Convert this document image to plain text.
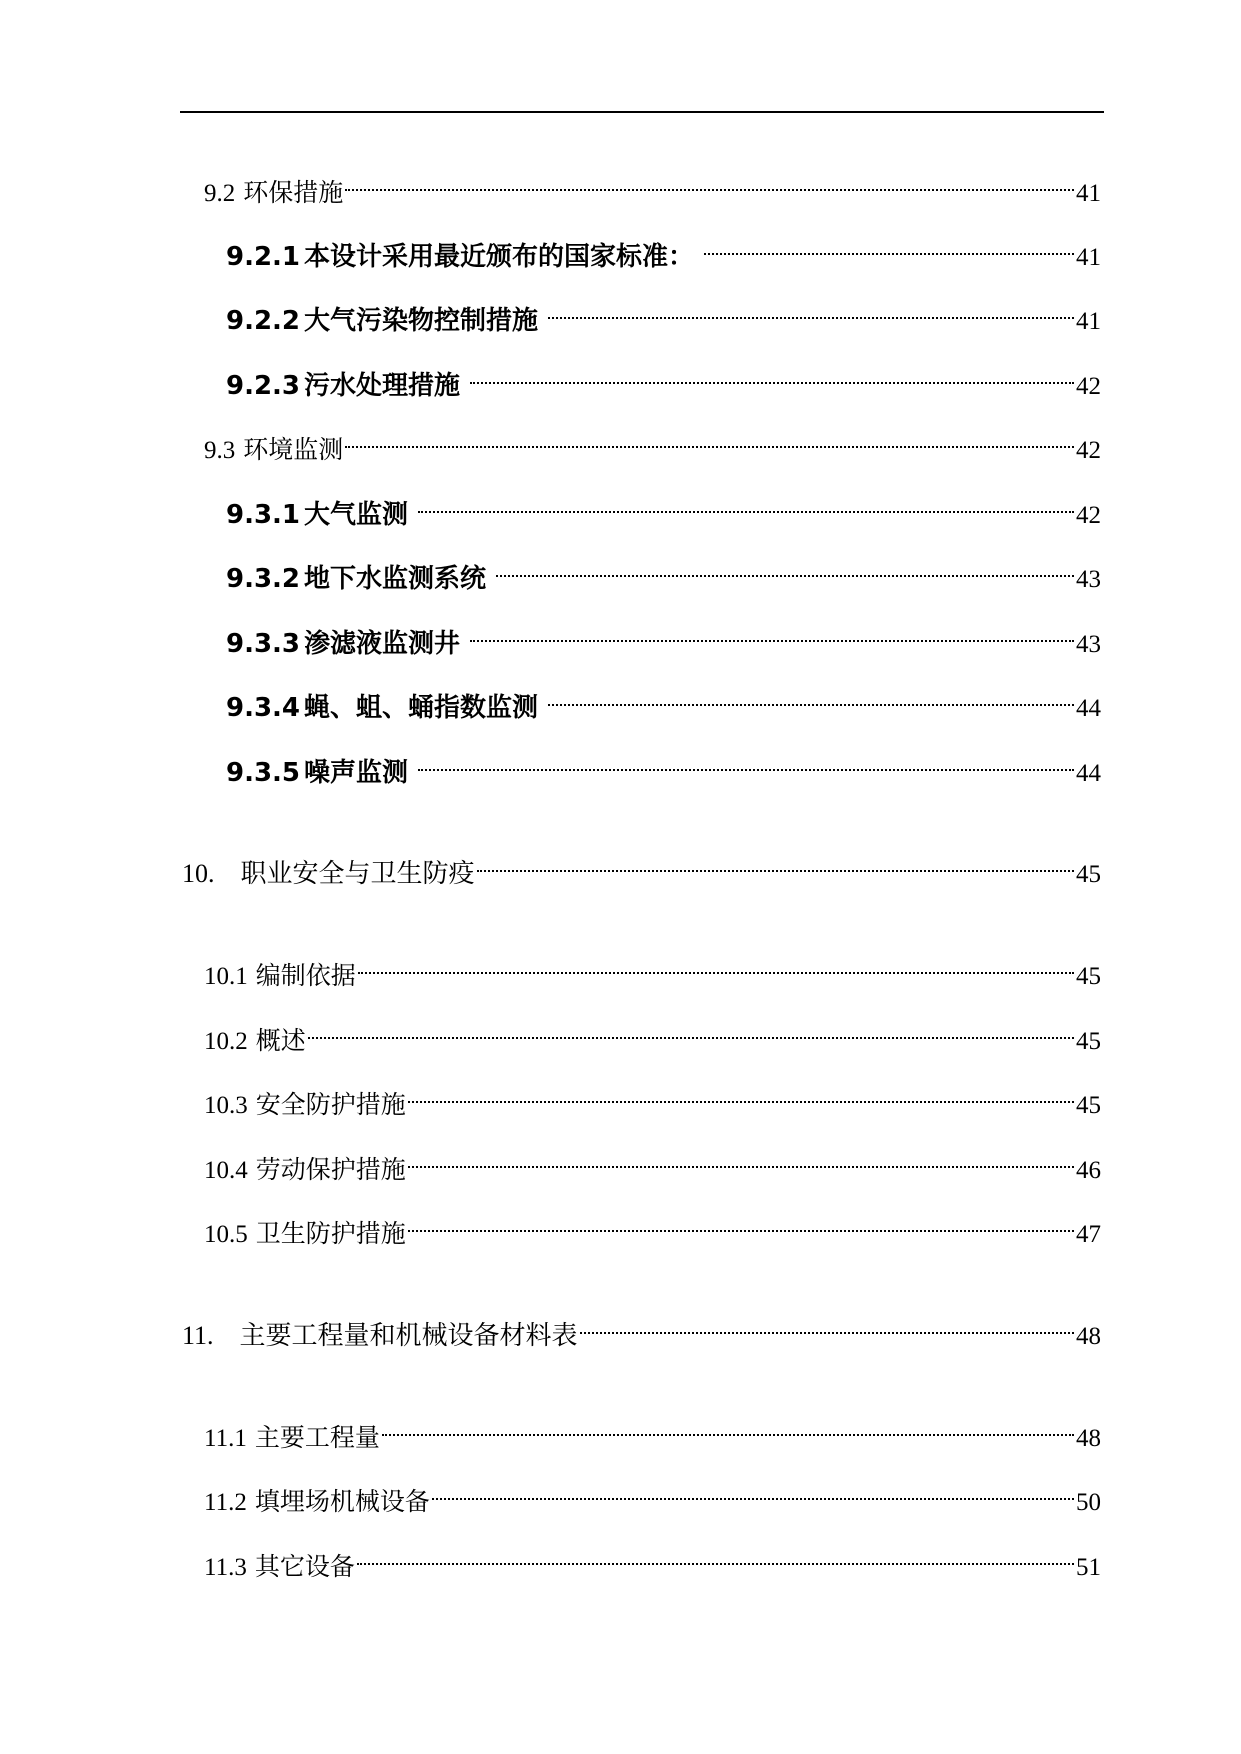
9.2 环保措施	41
9.2.1 本设计采用最近颁布的国家标准：	41
9.2.2 大气污染物控制措施	41
9.2.3 污水处理措施	42
9.3 环境监测	42
9.3.1 大气监测	42
9.3.2 地下水监测系统	43
9.3.3 渗滤液监测井	43
9.3.4 蝇、蛆、蛹指数监测	44
9.3.5 噪声监测	44
10. 职业安全与卫生防疫	45
10.1 编制依据	45
10.2 概述	45
10.3 安全防护措施	45
10.4 劳动保护措施	46
10.5 卫生防护措施	47
11. 主要工程量和机械设备材料表	48
11.1 主要工程量	48
11.2 填埋场机械设备	50
11.3 其它设备	51
